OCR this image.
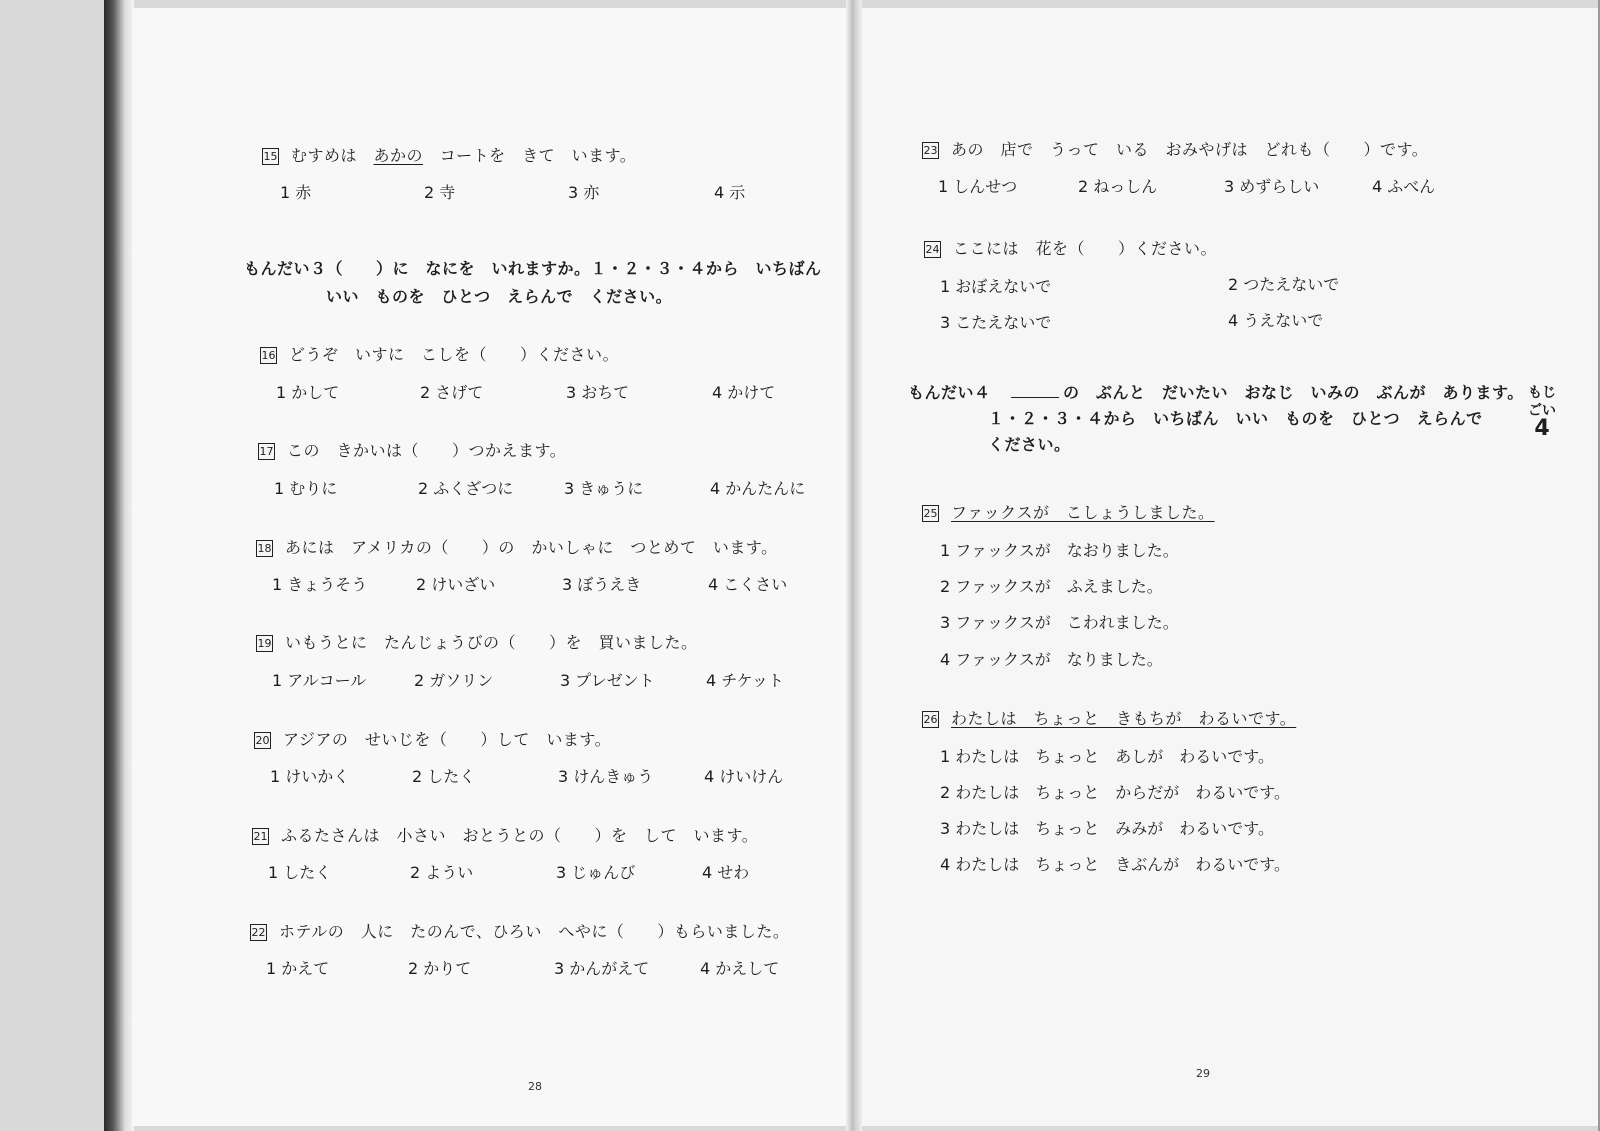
15 むすめは　 あかの　 コートを　きて　います。
1 赤	2 寺	3 亦	4 示
もんだい３（　　）に　なにを　いれますか。１・２・３・４から　いちばん
いい　ものを　ひとつ　えらんで　ください。
16 どうぞ　いすに　こしを（　　）ください。
1 かして	2 さげて	3 おちて	4 かけて
17 この　きかいは（　　）つかえます。
1 むりに	2 ふくざつに	3 きゅうに	4 かんたんに
18 あには　アメリカの（　　）の　かいしゃに　つとめて　います。
1 きょうそう	2 けいざい	3 ぼうえき	4 こくさい
19 いもうとに　たんじょうびの（　　）を　買いました。
1 アルコール	2 ガソリン	3 プレゼント	4 チケット
20 アジアの　せいじを（　　）して　います。
1 けいかく	2 したく	3 けんきゅう	4 けいけん
21 ふるたさんは　小さい　おとうとの（　　）を　して　います。
1 したく	2 ようい	3 じゅんび	4 せわ
22 ホテルの　人に　たのんで、ひろい　へやに（　　）もらいました。
1 かえて	2 かりて	3 かんがえて	4 かえして
28
23 あの　店で　うって　いる　おみやげは　どれも（　　）です。
1 しんせつ	2 ねっしん	3 めずらしい	4 ふべん
24 ここには　花を（　　）ください。
1 おぼえないで	2 つたえないで
3 こたえないで	4 うえないで
もんだい４　	の　ぶんと　だいたい　おなじ　いみの　ぶんが　あります。
１・２・３・４から　いちばん　いい　ものを　ひとつ　えらんで
ください。
もじ
ごい
4
25 ファックスが　こしょうしました。
1 ファックスが　なおりました。
2 ファックスが　ふえました。
3 ファックスが　こわれました。
4 ファックスが　なりました。
26 わたしは　ちょっと　きもちが　わるいです。
1 わたしは　ちょっと　あしが　わるいです。
2 わたしは　ちょっと　からだが　わるいです。
3 わたしは　ちょっと　みみが　わるいです。
4 わたしは　ちょっと　きぶんが　わるいです。
29
